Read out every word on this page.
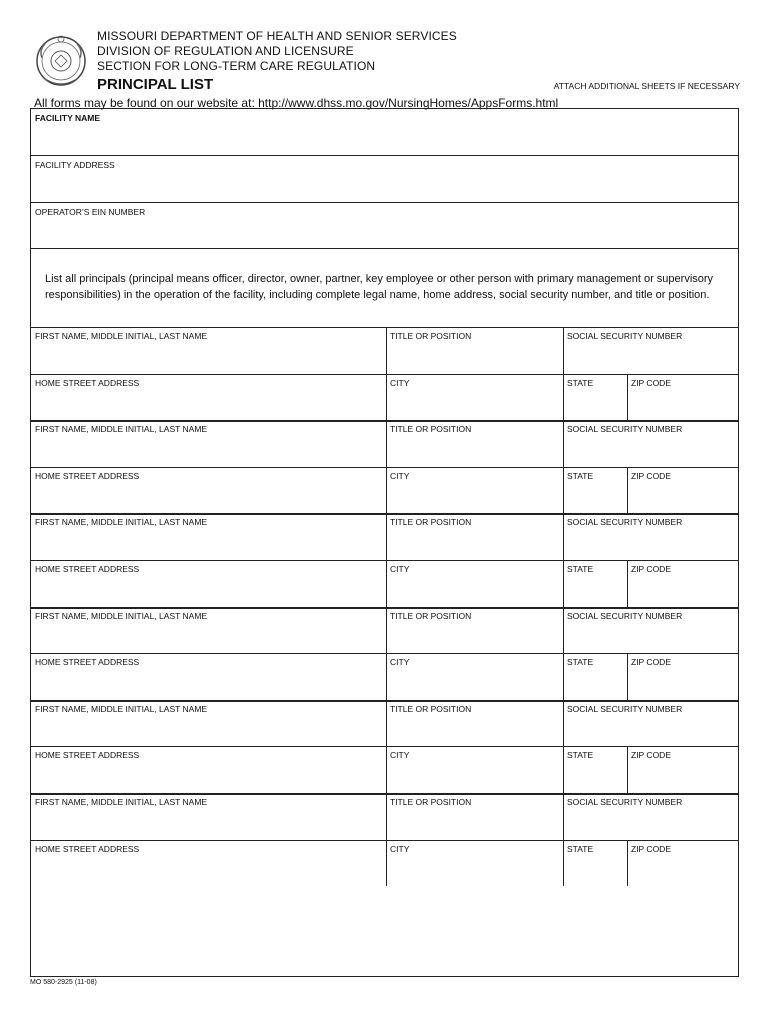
MISSOURI DEPARTMENT OF HEALTH AND SENIOR SERVICES
DIVISION OF REGULATION AND LICENSURE
SECTION FOR LONG-TERM CARE REGULATION
PRINCIPAL LIST	ATTACH ADDITIONAL SHEETS IF NECESSARY
All forms may be found on our website at: http://www.dhss.mo.gov/NursingHomes/AppsForms.html
FACILITY NAME
FACILITY ADDRESS
OPERATOR’S EIN NUMBER
List all principals (principal means officer, director, owner, partner, key employee or other person with primary management or supervisory responsibilities) in the operation of the facility, including complete legal name, home address, social security number, and title or position.
FIRST NAME, MIDDLE INITIAL, LAST NAME	TITLE OR POSITION	SOCIAL SECURITY NUMBER
HOME STREET ADDRESS	CITY	STATE	ZIP CODE
FIRST NAME, MIDDLE INITIAL, LAST NAME	TITLE OR POSITION	SOCIAL SECURITY NUMBER
HOME STREET ADDRESS	CITY	STATE	ZIP CODE
FIRST NAME, MIDDLE INITIAL, LAST NAME	TITLE OR POSITION	SOCIAL SECURITY NUMBER
HOME STREET ADDRESS	CITY	STATE	ZIP CODE
FIRST NAME, MIDDLE INITIAL, LAST NAME	TITLE OR POSITION	SOCIAL SECURITY NUMBER
HOME STREET ADDRESS	CITY	STATE	ZIP CODE
FIRST NAME, MIDDLE INITIAL, LAST NAME	TITLE OR POSITION	SOCIAL SECURITY NUMBER
HOME STREET ADDRESS	CITY	STATE	ZIP CODE
FIRST NAME, MIDDLE INITIAL, LAST NAME	TITLE OR POSITION	SOCIAL SECURITY NUMBER
HOME STREET ADDRESS	CITY	STATE	ZIP CODE
MO 580-2925 (11-08)
